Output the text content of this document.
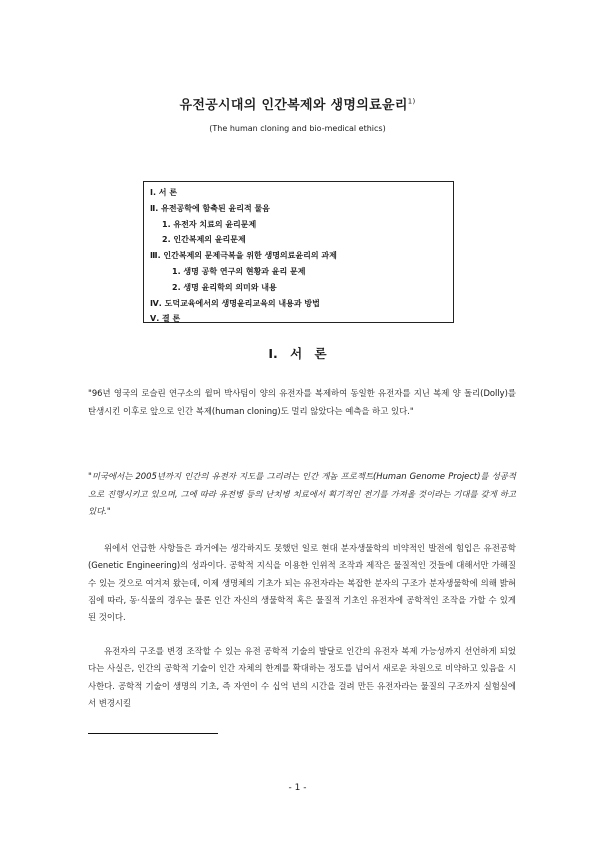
유전공시대의 인간복제와 생명의료윤리$^{1)}$
(The human cloning and bio-medical ethics)
Ⅰ. 서 론
Ⅱ. 유전공학에 함축된 윤리적 물음
1. 유전자 치료의 윤리문제
2. 인간복제의 윤리문제
Ⅲ. 인간복제의 문제극복을 위한 생명의료윤리의 과제
1. 생명 공학 연구의 현황과 윤리 문제
2. 생명 윤리학의 의미와 내용
Ⅳ. 도덕교육에서의 생명윤리교육의 내용과 방법
Ⅴ. 결 론
Ⅰ. 서 론
"96년 영국의 로슬린 연구소의 윌머 박사팀이 양의 유전자를 복제하여 동일한 유전자를 지닌 복제 양 돌리(Dolly)를 탄생시킨 이후로 앞으로 인간 복제(human cloning)도 멀리 않았다는 예측을 하고 있다."
"미국에서는 2005년까지 인간의 유전자 지도를 그리려는 인간 게놈 프로젝트(Human Genome Project)를 성공적으로 진행시키고 있으며, 그에 따라 유전병 등의 난치병 치료에서 획기적인 전기를 가져올 것이라는 기대를 갖게 하고 있다."
위에서 언급한 사항들은 과거에는 생각하지도 못했던 일로 현대 분자생물학의 비약적인 발전에 힘입은 유전공학(Genetic Engineering)의 성과이다. 공학적 지식을 이용한 인위적 조작과 제작은 물질적인 것들에 대해서만 가해질 수 있는 것으로 여겨져 왔는데, 이제 생명체의 기초가 되는 유전자라는 복잡한 분자의 구조가 분자생물학에 의해 밝혀짐에 따라, 동·식물의 경우는 물론 인간 자신의 생물학적 혹은 물질적 기초인 유전자에 공학적인 조작을 가할 수 있게 된 것이다.
유전자의 구조를 변경 조작할 수 있는 유전 공학적 기술의 발달로 인간의 유전자 복제 가능성까지 선언하게 되었다는 사실은, 인간의 공학적 기술이 인간 자체의 한계를 확대하는 정도를 넘어서 새로운 차원으로 비약하고 있음을 시사한다. 공학적 기술이 생명의 기초, 즉 자연이 수 십억 년의 시간을 걸려 만든 유전자라는 물질의 구조까지 실험실에서 변경시킬
- 1 -
